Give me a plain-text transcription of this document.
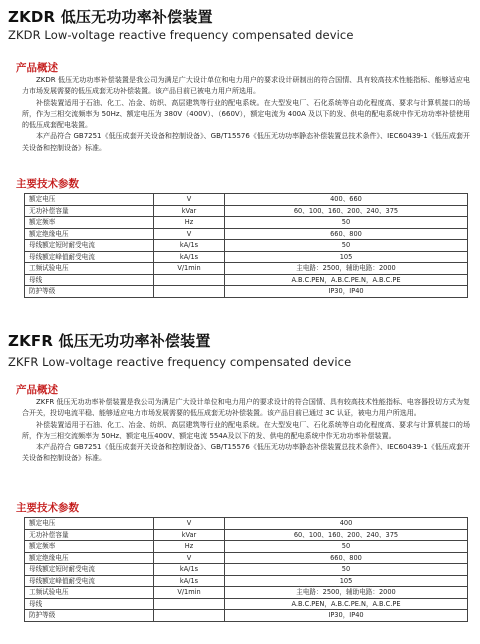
ZKDR 低压无功功率补偿装置
ZKDR Low-voltage reactive frequency compensated device
产品概述

ZKDR 低压无功功率补偿装置是我公司为满足广大设计单位和电力用户的要求设计研制出的符合国情、具有较高技术性能指标、能够适应电力市场发展需要的低压成套无功补偿装置。该产品目前已被电力用户所选用。

补偿装置适用于石油、化工、冶金、纺织、高层建筑等行业的配电系统。在大型发电厂、石化系统等自动化程度高、要求与计算机接口的场所，作为三相交流频率为 50Hz、额定电压为 380V（400V）、（660V），额定电流为 400A 及以下的发、供电的配电系统中作无功功率补偿使用的低压成套配电装置。

本产品符合 GB7251《低压成套开关设备和控制设备》、GB/T15576《低压无功功率静态补偿装置总技术条件》、IEC60439-1《低压成套开关设备和控制设备》标准。

主要技术参数
额定电压	V	400、660
无功补偿容量	kVar	60、100、160、200、240、375
额定频率	Hz	50
额定绝缘电压	V	660、800
母线额定短时耐受电流	kA/1s	50
母线额定峰值耐受电流	kA/1s	105
工频试验电压	V/1min	主电路：2500，辅助电路：2000
母线		A.B.C.PEN，A.B.C.PE.N，A.B.C.PE
防护等级		IP30，IP40
ZKFR 低压无功功率补偿装置
ZKFR Low-voltage reactive frequency compensated device
产品概述

ZKFR 低压无功功率补偿装置是我公司为满足广大设计单位和电力用户的要求设计的符合国情、具有较高技术性能指标、电容器投切方式为复合开关，投切电流平稳、能够适应电力市场发展需要的低压成套无功补偿装置。该产品目前已通过 3C 认证，被电力用户所选用。

补偿装置适用于石油、化工、冶金、纺织、高层建筑等行业的配电系统。在大型发电厂、石化系统等自动化程度高、要求与计算机接口的场所，作为三相交流频率为 50Hz、额定电压400V、额定电流 554A及以下的发、供电的配电系统中作无功功率补偿装置。

本产品符合 GB7251《低压成套开关设备和控制设备》、GB/T15576《低压无功功率静态补偿装置总技术条件》、IEC60439-1《低压成套开关设备和控制设备》标准。

主要技术参数
额定电压	V	400
无功补偿容量	kVar	60、100、160、200、240、375
额定频率	Hz	50
额定绝缘电压	V	660、800
母线额定短时耐受电流	kA/1s	50
母线额定峰值耐受电流	kA/1s	105
工频试验电压	V/1min	主电路：2500，辅助电路：2000
母线		A.B.C.PEN，A.B.C.PE.N，A.B.C.PE
防护等级		IP30，IP40
